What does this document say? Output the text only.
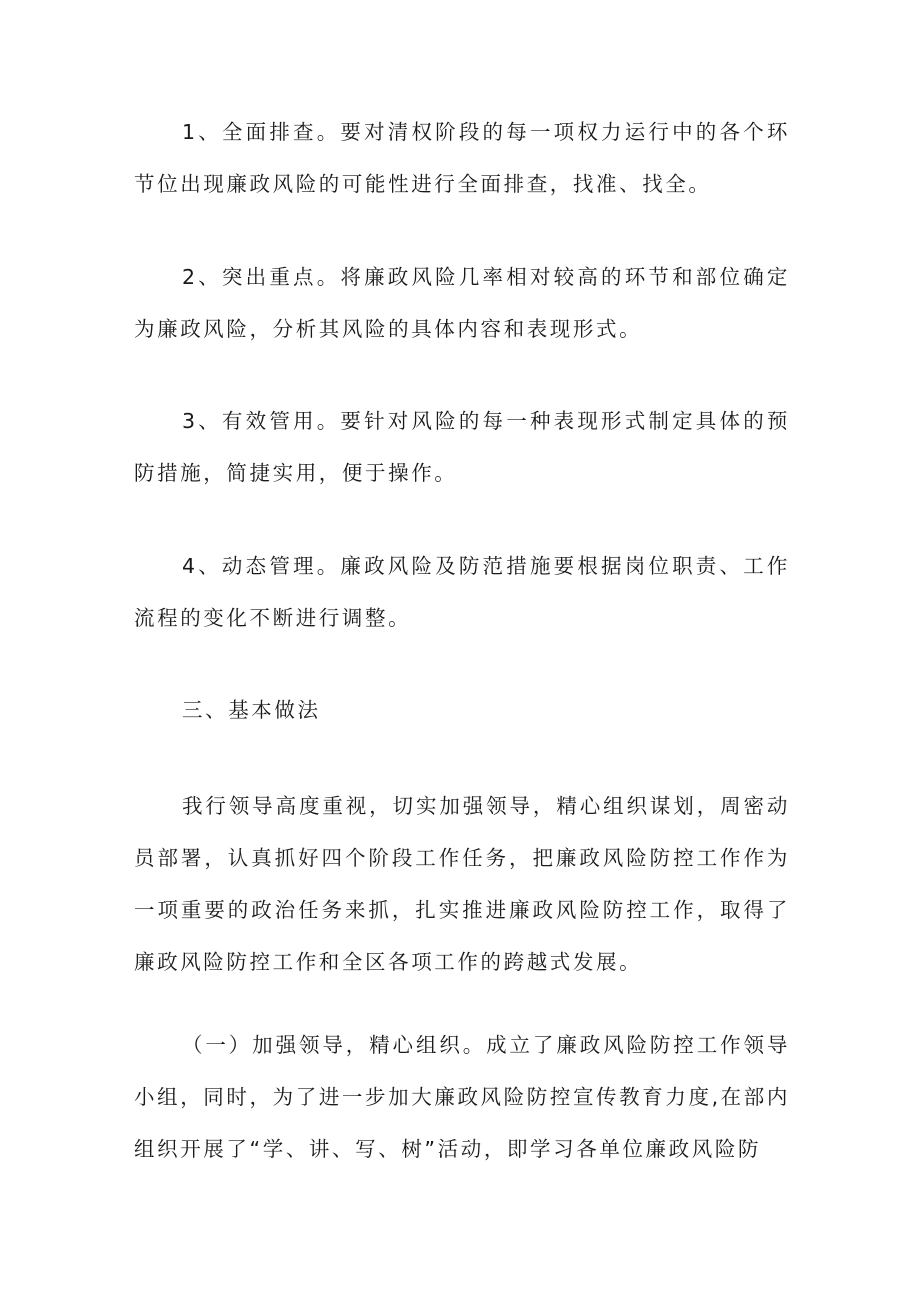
1、全面排查。要对清权阶段的每一项权力运行中的各个环节位出现廉政风险的可能性进行全面排查，找准、找全。

2、突出重点。将廉政风险几率相对较高的环节和部位确定为廉政风险，分析其风险的具体内容和表现形式。

3、有效管用。要针对风险的每一种表现形式制定具体的预防措施，简捷实用，便于操作。

4、动态管理。廉政风险及防范措施要根据岗位职责、工作流程的变化不断进行调整。

三、基本做法

我行领导高度重视，切实加强领导，精心组织谋划，周密动员部署，认真抓好四个阶段工作任务，把廉政风险防控工作作为一项重要的政治任务来抓，扎实推进廉政风险防控工作，取得了廉政风险防控工作和全区各项工作的跨越式发展。

（一）加强领导，精心组织。成立了廉政风险防控工作领导小组，同时，为了进一步加大廉政风险防控宣传教育力度,在部内组织开展了“学、讲、写、树”活动，即学习各单位廉政风险防
